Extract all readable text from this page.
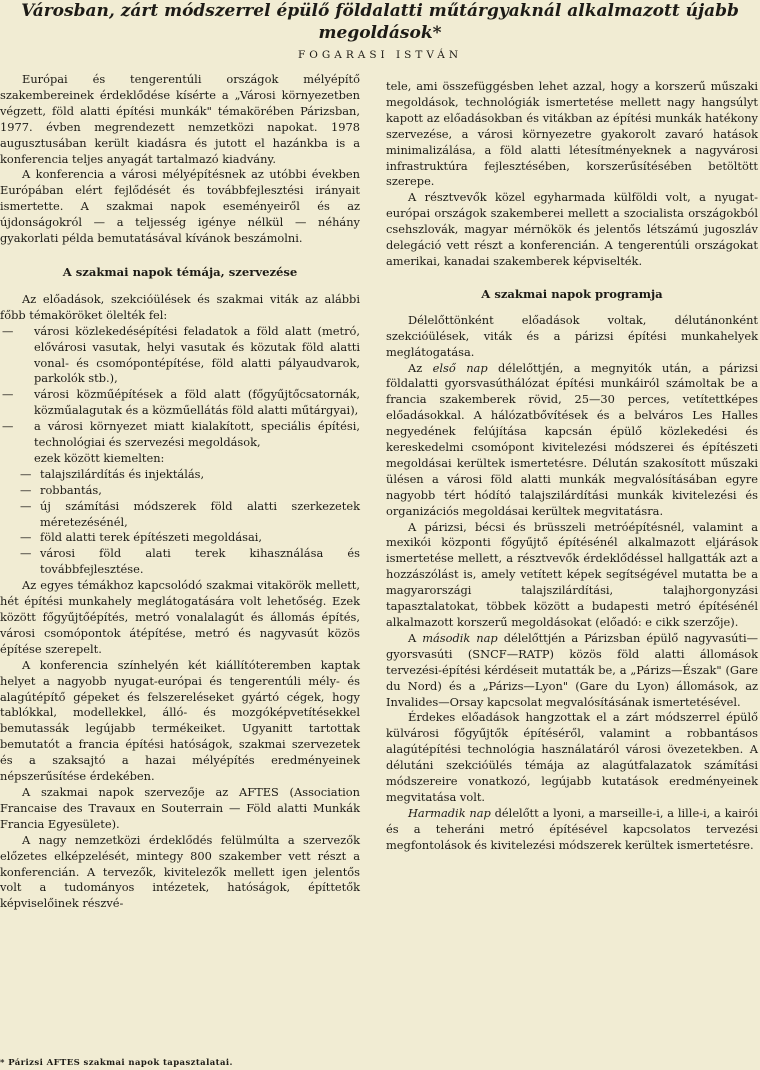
Városban, zárt módszerrel épülő földalatti műtárgyaknál alkalmazott újabb megoldások*

FOGARASI ISTVÁN

Európai és tengerentúli országok mélyépítő szakembereinek érdeklődése kísérte a „Városi környezetben végzett, föld alatti építési munkák" témakörében Párizsban, 1977. évben megrendezett nemzetközi napokat. 1978 augusztusában került kiadásra és jutott el hazánkba is a konferencia teljes anyagát tartalmazó kiadvány.

A konferencia a városi mélyépítésnek az utóbbi években Európában elért fejlődését és továbbfejlesztési irányait ismertette. A szakmai napok eseményeiről és az újdonságokról — a teljesség igénye nélkül — néhány gyakorlati példa bemutatásával kívánok beszámolni.

A szakmai napok témája, szervezése

Az előadások, szekcióülések és szakmai viták az alábbi főbb témaköröket ölelték fel:

— városi közlekedésépítési feladatok a föld alatt (metró, elővárosi vasutak, helyi vasutak és közutak föld alatti vonal- és csomópontépítése, föld alatti pályaudvarok, parkolók stb.),
— városi közműépítések a föld alatt (főgyűjtőcsatornák, közműalagutak és a közműellátás föld alatti műtárgyai),
— a városi környezet miatt kialakított, speciális építési, technológiai és szervezési megoldások,
ezek között kiemelten:
— talajszilárdítás és injektálás,
— robbantás,
— új számítási módszerek föld alatti szerkezetek méretezésénél,
— föld alatti terek építészeti megoldásai,
— városi föld alati terek kihasználása és továbbfejlesztése.

Az egyes témákhoz kapcsolódó szakmai vitakörök mellett, hét építési munkahely meglátogatására volt lehetőség. Ezek között főgyűjtőépítés, metró vonalalagút és állomás építés, városi csomópontok átépítése, metró és nagyvasút közös építése szerepelt.

A konferencia színhelyén két kiállítóteremben kaptak helyet a nagyobb nyugat-európai és tengerentúli mély- és alagútépítő gépeket és felszereléseket gyártó cégek, hogy tablókkal, modellekkel, álló- és mozgóképvetítésekkel bemutassák legújabb termékeiket. Ugyanitt tartottak bemutatót a francia építési hatóságok, szakmai szervezetek és a szaksajtó a hazai mélyépítés eredményeinek népszerűsítése érdekében.

A szakmai napok szervezője az AFTES (Association Francaise des Travaux en Souterrain — Föld alatti Munkák Francia Egyesülete).

A nagy nemzetközi érdeklődés felülmúlta a szervezők előzetes elképzelését, mintegy 800 szakember vett részt a konferencián. A tervezők, kivitelezők mellett igen jelentős volt a tudományos intézetek, hatóságok, építtetők képviselőinek részvé-

tele, ami összefüggésben lehet azzal, hogy a korszerű műszaki megoldások, technológiák ismertetése mellett nagy hangsúlyt kapott az előadásokban és vitákban az építési munkák hatékony szervezése, a városi környezetre gyakorolt zavaró hatások minimalizálása, a föld alatti létesítményeknek a nagyvárosi infrastruktúra fejlesztésében, korszerűsítésében betöltött szerepe.

A résztvevők közel egyharmada külföldi volt, a nyugat-európai országok szakemberei mellett a szocialista országokból csehszlovák, magyar mérnökök és jelentős létszámú jugoszláv delegáció vett részt a konferencián. A tengerentúli országokat amerikai, kanadai szakemberek képviselték.

A szakmai napok programja

Délelőttönként előadások voltak, délutánonként szekcióülések, viták és a párizsi építési munkahelyek meglátogatása.

Az első nap délelőttjén, a megnyitók után, a párizsi földalatti gyorsvasúthálózat építési munkáiról számoltak be a francia szakemberek rövid, 25—30 perces, vetítettképes előadásokkal. A hálózatbővítések és a belváros Les Halles negyedének felújítása kapcsán épülő közlekedési és kereskedelmi csomópont kivitelezési módszerei és építészeti megoldásai kerültek ismertetésre. Délután szakosított műszaki ülésen a városi föld alatti munkák megvalósításában egyre nagyobb tért hódító talajszilárdítási munkák kivitelezési és organizációs megoldásai kerültek megvitatásra.

A párizsi, bécsi és brüsszeli metróépítésnél, valamint a mexikói központi főgyűjtő építésénél alkalmazott eljárások ismertetése mellett, a résztvevők érdeklődéssel hallgatták azt a hozzászólást is, amely vetített képek segítségével mutatta be a magyarországi talajszilárdítási, talajhorgonyzási tapasztalatokat, többek között a budapesti metró építésénél alkalmazott korszerű megoldásokat (előadó: e cikk szerzője).

A második nap délelőttjén a Párizsban épülő nagyvasúti—gyorsvasúti (SNCF—RATP) közös föld alatti állomások tervezési-építési kérdéseit mutatták be, a „Párizs—Észak" (Gare du Nord) és a „Párizs—Lyon" (Gare du Lyon) állomások, az Invalides—Orsay kapcsolat megvalósításának ismertetésével.

Érdekes előadások hangzottak el a zárt módszerrel épülő külvárosi főgyűjtők építéséről, valamint a robbantásos alagútépítési technológia használatáról városi övezetekben. A délutáni szekcióülés témája az alagútfalazatok számítási módszereire vonatkozó, legújabb kutatások eredményeinek megvitatása volt.

Harmadik nap délelőtt a lyoni, a marseille-i, a lille-i, a kairói és a teheráni metró építésével kapcsolatos tervezési megfontolások és kivitelezési módszerek kerültek ismertetésre.

* Párizsi AFTES szakmai napok tapasztalatai.
